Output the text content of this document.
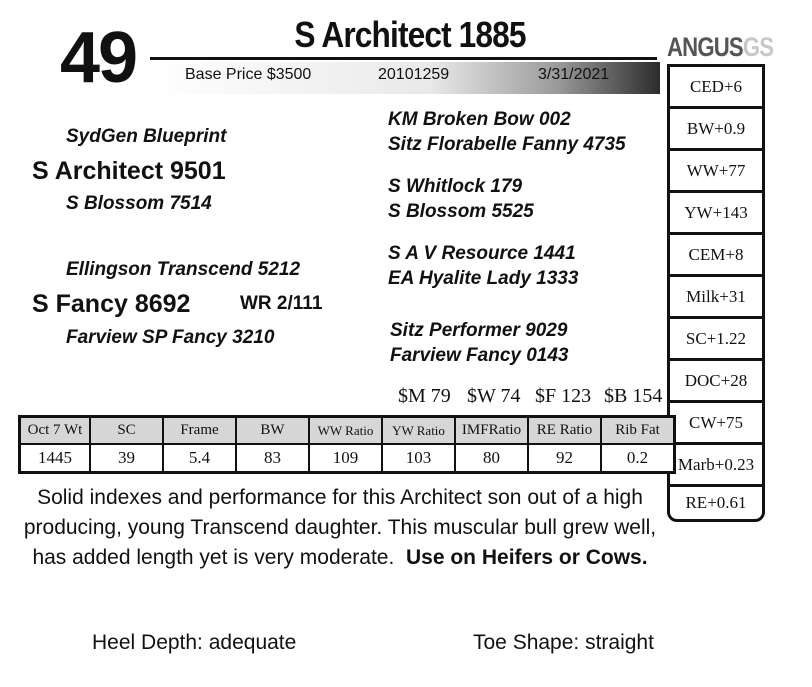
49	S Architect 1885
Base Price $3500	20101259	3/31/2021
ANGUSGS
SydGen Blueprint
S Architect 9501
S Blossom 7514
Ellingson Transcend 5212
S Fancy 8692	WR 2/111
Farview SP Fancy 3210
KM Broken Bow 002
Sitz Florabelle Fanny 4735
S Whitlock 179
S Blossom 5525
S A V Resource 1441
EA Hyalite Lady 1333
Sitz Performer 9029
Farview Fancy 0143
CED+6
BW+0.9
WW+77
YW+143
CEM+8
Milk+31
SC+1.22
DOC+28
CW+75
Marb+0.23
RE+0.61
$M 79 $W 74 $F 123 $B 154
Oct 7 Wt	SC	Frame	BW	WW Ratio	YW Ratio	IMFRatio	RE Ratio	Rib Fat
1445	39	5.4	83	109	103	80	92	0.2
Solid indexes and performance for this Architect son out of a high producing, young Transcend daughter. This muscular bull grew well, has added length yet is very moderate. Use on Heifers or Cows.
Heel Depth: adequate	Toe Shape: straight
